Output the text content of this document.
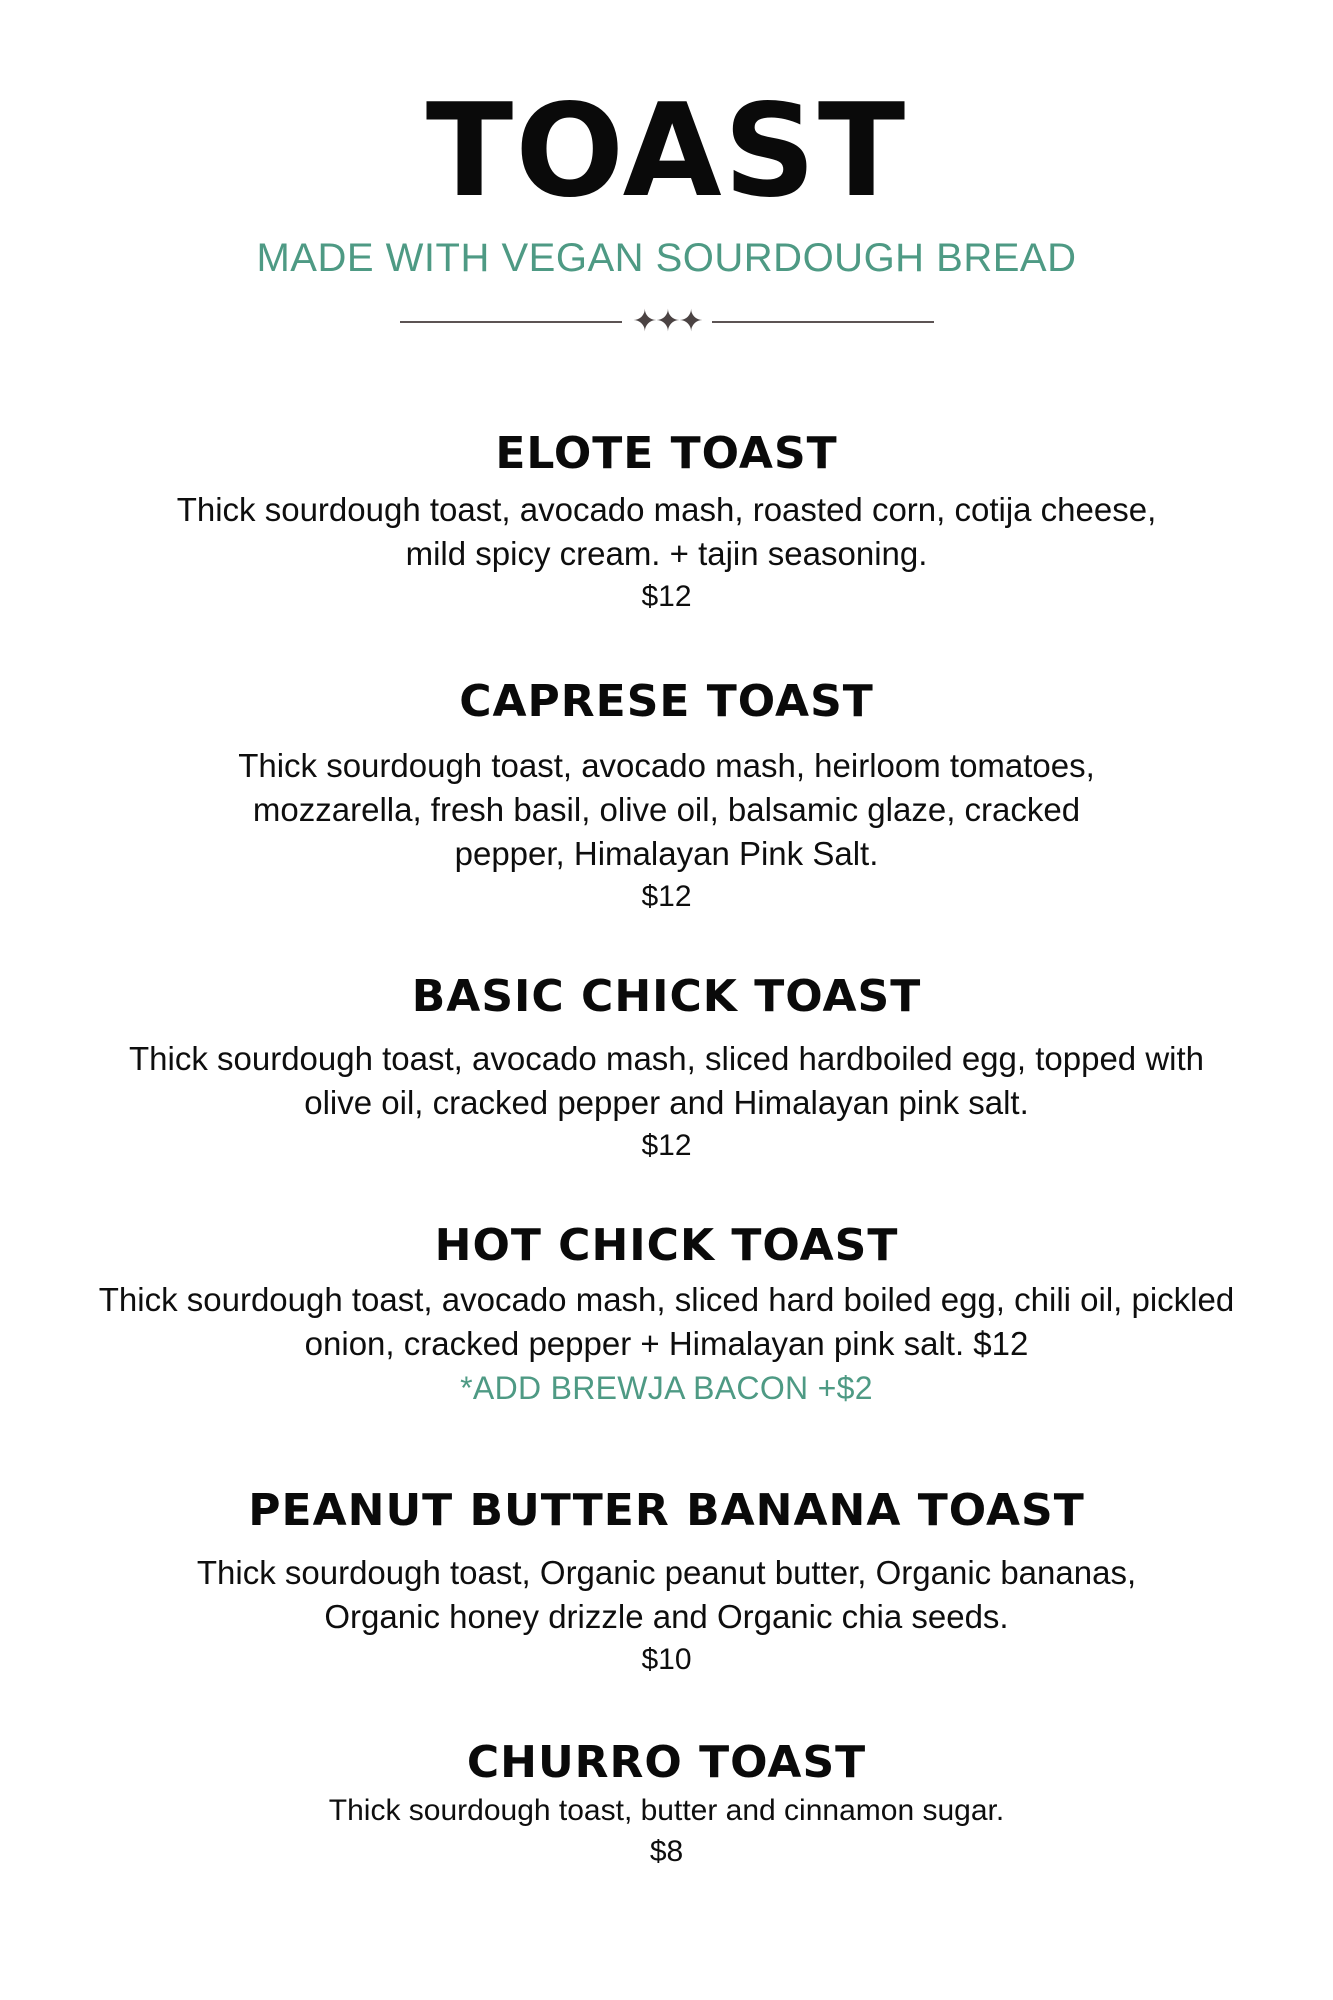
TOAST

MADE WITH VEGAN SOURDOUGH BREAD

✦✦✦
ELOTE TOAST

Thick sourdough toast, avocado mash, roasted corn, cotija cheese,
mild spicy cream. + tajin seasoning.

$12

CAPRESE TOAST

Thick sourdough toast, avocado mash, heirloom tomatoes,
mozzarella, fresh basil, olive oil, balsamic glaze, cracked
pepper, Himalayan Pink Salt.

$12

BASIC CHICK TOAST

Thick sourdough toast, avocado mash, sliced hardboiled egg, topped with
olive oil, cracked pepper and Himalayan pink salt.

$12

HOT CHICK TOAST

Thick sourdough toast, avocado mash, sliced hard boiled egg, chili oil, pickled
onion, cracked pepper + Himalayan pink salt. $12

*ADD BREWJA BACON +$2

PEANUT BUTTER BANANA TOAST

Thick sourdough toast, Organic peanut butter, Organic bananas,
Organic honey drizzle and Organic chia seeds.

$10

CHURRO TOAST

Thick sourdough toast, butter and cinnamon sugar.

$8
